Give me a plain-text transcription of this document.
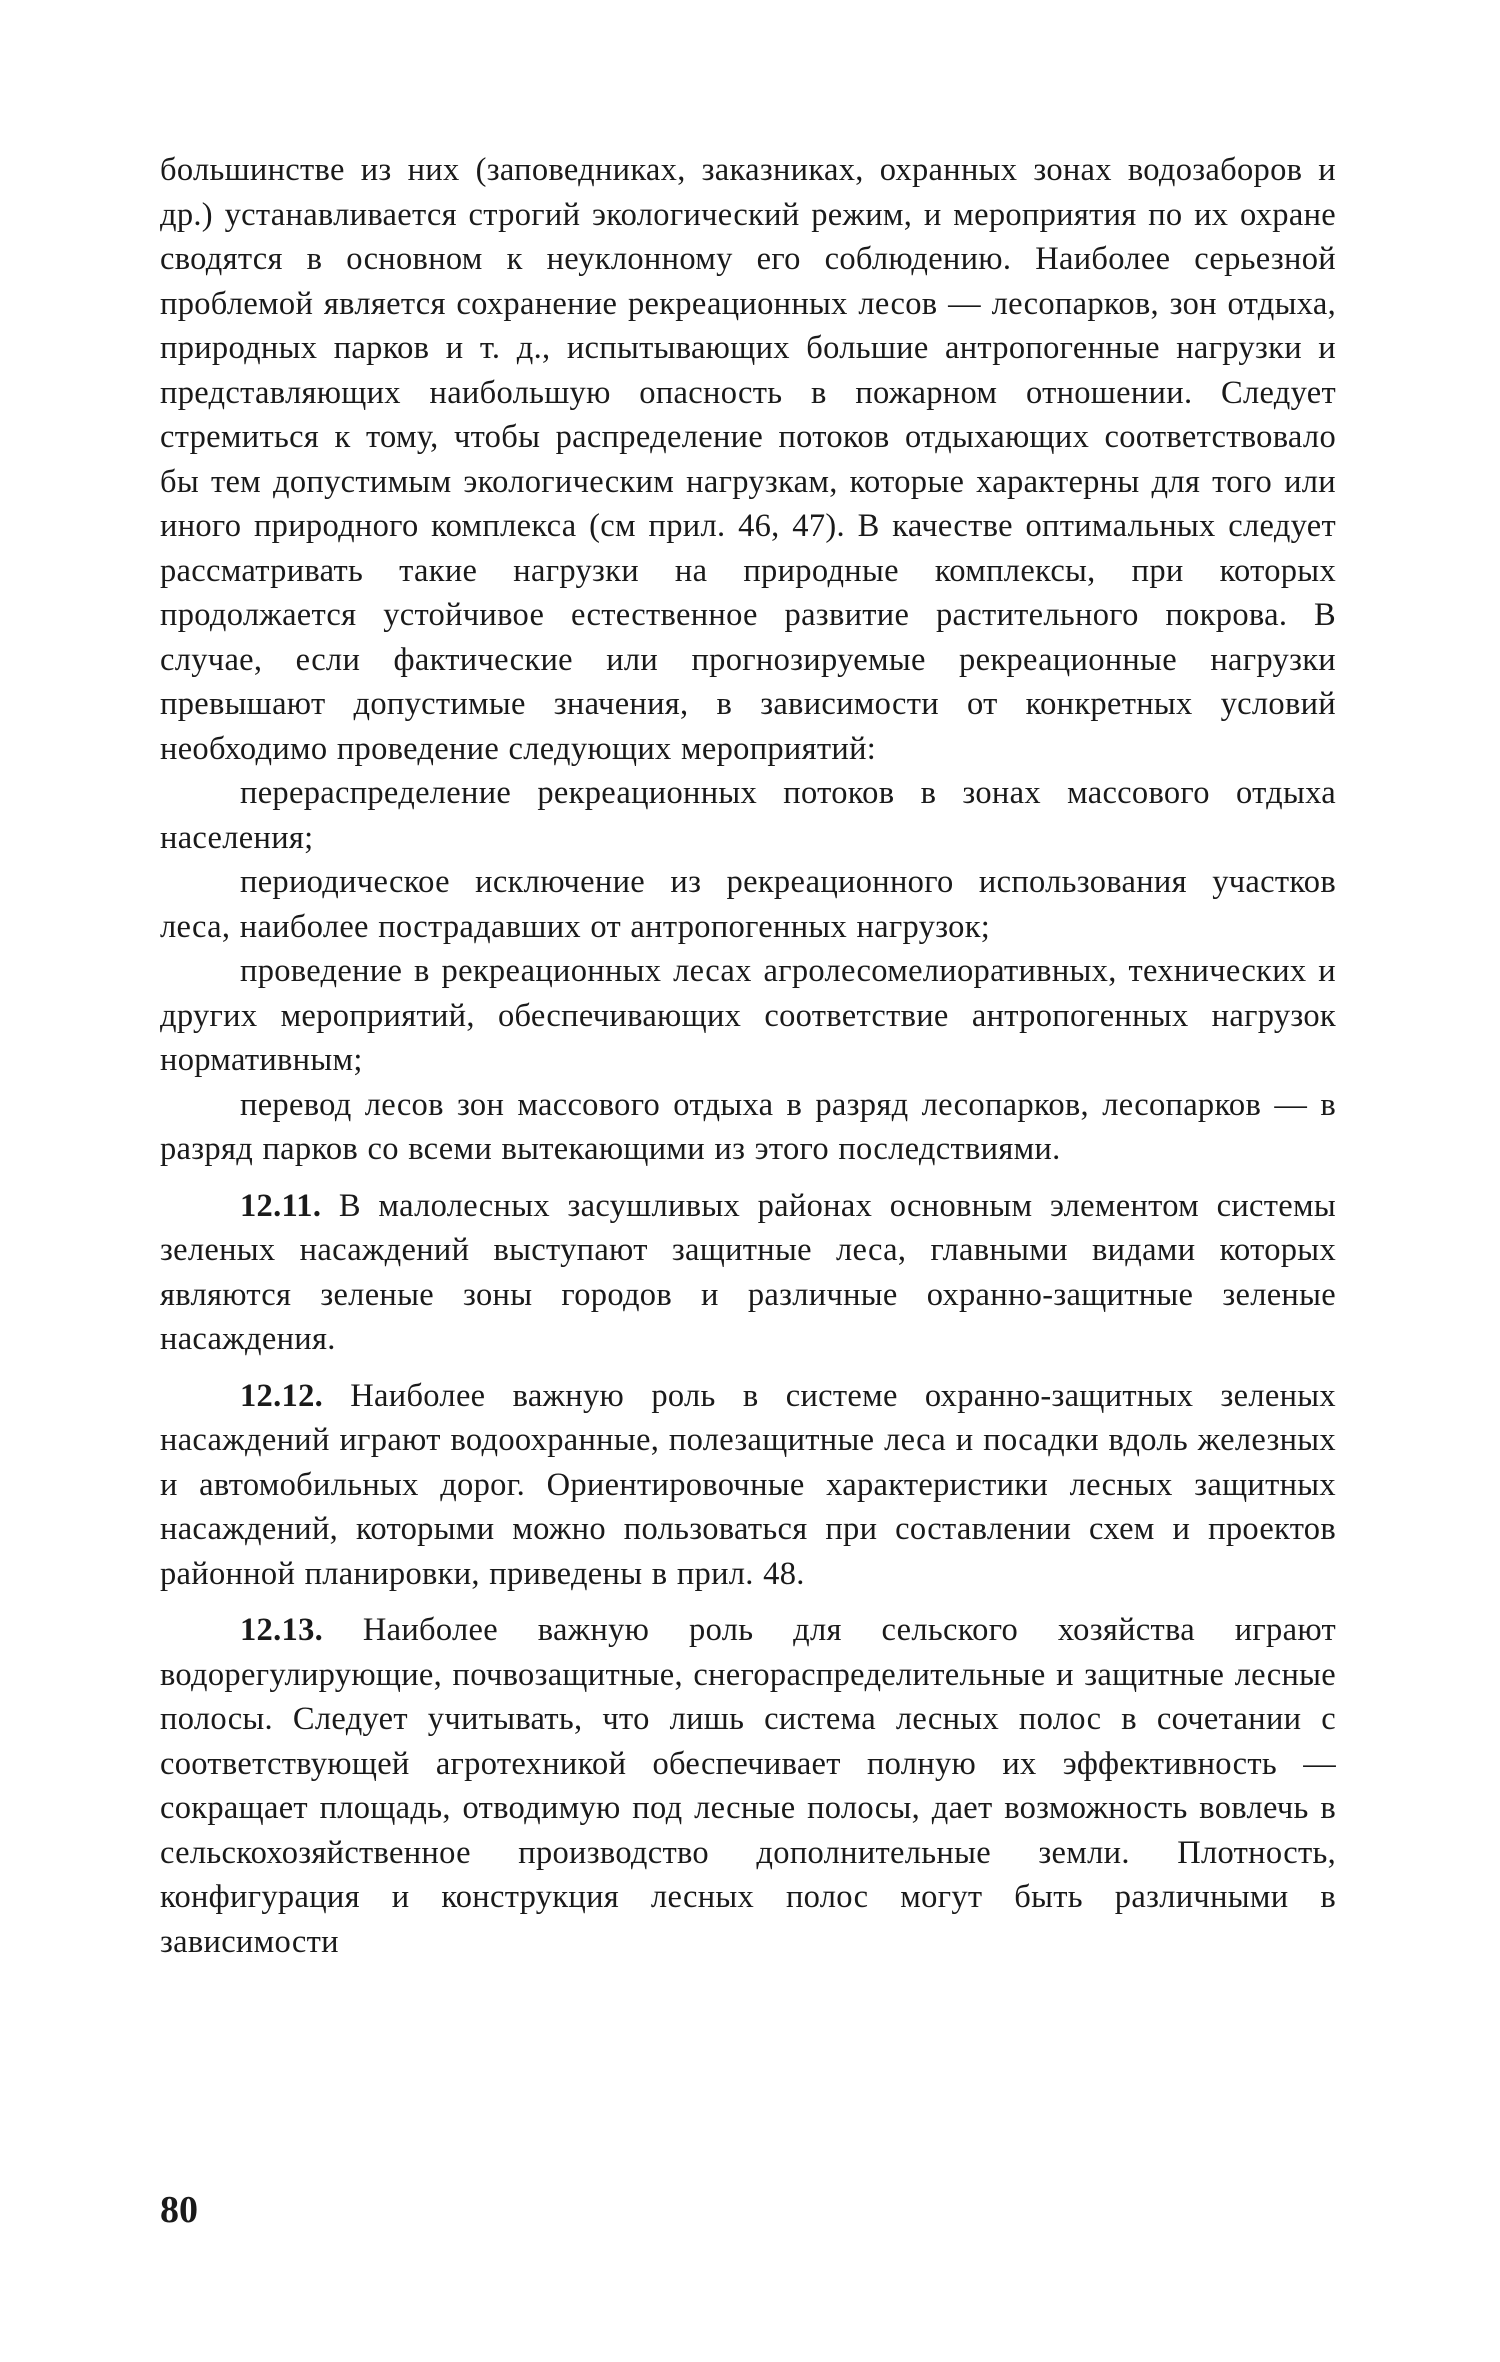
большинстве из них (заповедниках, заказниках, охранных зонах водозаборов и др.) устанавливается строгий экологический режим, и мероприятия по их охране сводятся в основном к неуклонному его соблюдению. Наиболее серьезной проблемой является сохранение рекреационных лесов — лесопарков, зон отдыха, природных парков и т. д., испытывающих большие антропогенные нагрузки и представляющих наибольшую опасность в пожарном отношении. Следует стремиться к тому, чтобы распределение потоков отдыхающих соответствовало бы тем допустимым экологическим нагрузкам, которые характерны для того или иного природного комплекса (см прил. 46, 47). В качестве оптимальных следует рассматривать такие нагрузки на природные комплексы, при которых продолжается устойчивое естественное развитие растительного покрова. В случае, если фактические или прогнозируемые рекреационные нагрузки превышают допустимые значения, в зависимости от конкретных условий необходимо проведение следующих мероприятий:

перераспределение рекреационных потоков в зонах массового отдыха населения;

периодическое исключение из рекреационного использования участков леса, наиболее пострадавших от антропогенных нагрузок;

проведение в рекреационных лесах агролесомелиоративных, технических и других мероприятий, обеспечивающих соответствие антропогенных нагрузок нормативным;

перевод лесов зон массового отдыха в разряд лесопарков, лесопарков — в разряд парков со всеми вытекающими из этого последствиями.

12.11. В малолесных засушливых районах основным элементом системы зеленых насаждений выступают защитные леса, главными видами которых являются зеленые зоны городов и различные охранно-защитные зеленые насаждения.

12.12. Наиболее важную роль в системе охранно-защитных зеленых насаждений играют водоохранные, полезащитные леса и посадки вдоль железных и автомобильных дорог. Ориентировочные характеристики лесных защитных насаждений, которыми можно пользоваться при составлении схем и проектов районной планировки, приведены в прил. 48.

12.13. Наиболее важную роль для сельского хозяйства играют водорегулирующие, почвозащитные, снегораспределительные и защитные лесные полосы. Следует учитывать, что лишь система лесных полос в сочетании с соответствующей агротехникой обеспечивает полную их эффективность — сокращает площадь, отводимую под лесные полосы, дает возможность вовлечь в сельскохозяйственное производство дополнительные земли. Плотность, конфигурация и конструкция лесных полос могут быть различными в зависимости

80
